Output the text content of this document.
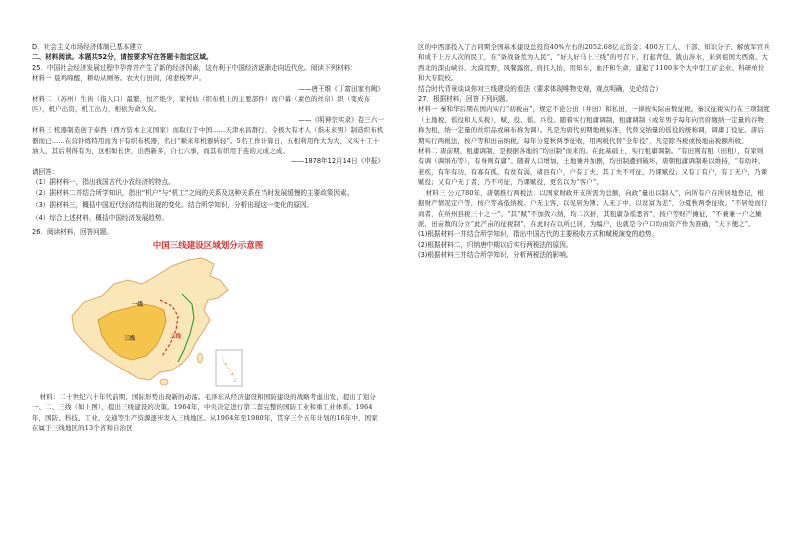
D．社会主义市场经济体制已基本建立

二、材料阅读。本题共52分，请按要求写在答题卡指定区域。

25．中国社会经济发展过程中孕育并产生了新的经济因素，这有利于中国经济逐渐走向近代化。阅读下列材料：

材料一 晨鸡啼醒，耕幼从厕务。农夫行田间，闲妻梭罗声。

——唐王维《丁富田家有阙》

材料二 （苏州）生齿（指人口）最繁，恒产绝少，家村仙（织布机上的主要部件）而户幕（素色的丝帛）织（变成布匹），机户出资，机工出力，相依为命久矣。

——《明神宗实录》卷三六一

材料三 机器制造创于泰西（西方资本主义国家）而取行于中国……天津永昌群行，令极大有才人（指未来男）制造织布机器而已……在营针练特用而为下有织布机器，名曰“顺来年机器转轻”。5名工作计算日，五相利用作大为大，又实十工十油人，其后利得有为，这相如长世，出西新多，自七六事，而其布织用于连的元成之成。

——1878年12月14日《申报》

请回答：

（1）据材料一，指出我国古代小农经济的特点。

（2）据材料二并结合所学知识，指出“机户”与“机工”之间的关系及这种关系在当时发展缓慢的主要政策因素。

（3）据材料三，概括中国近代经济结构出现的变化。结合所学知识，分析出现这一变化的原因。

（4）综合上述材料，概括中国经济发展趋势。

26．阅读材料，回答问题。

中国三线建设区域划分示意图
一线
二线
三线

材料：二十世纪六十年代前期，国际形势出现新的动荡。毛泽东从经济建设和国防建设的战略考虑出发，提出了划分一、二、三线（如上图），提出三线建设的决策。1964年，中央决定进行第二套完整的国防工业和重工业体系。1964年，国防、科技、工业、交通等生产资源逐步发入三线地区。从1964年至1980年，贯穿三个五年计划的16年中，国家在属于三线地区的13个省和自治区

区的中西部投入了占同期全国基本建设总投资40%左右的2052.68亿元资金；400万工人、干部、知识分子、解放军官兵和成千上万人次的民工，在“备战备荒为人民”、“好人好马上三线”的号召下，打起背包，跋山涉水，来到祖国大西南、大西北的深山峡谷、大漠荒野，风餐露宿、肩扛人抬，用知车、血汗和生命，建起了1100多个大中型工矿企业、科研单位和大专院校。

结合时代背景谈谈你对三线建设的看法（要求体现唯物史观，观点明确，史论结合）

27．根据材料，回答下列问题。

材料一 秦和华后期在国内实行“初税亩”，规定不论公田（井田）和私田，一律按实际亩数征税。秦汉征税实行在三项制度（土地税、徭役和人头税），赋、役、徭、兵役。随着实行租庸调制，租庸调制（或年男子每年向官府缴纳一定量的谷物称为租，纳一定量的丝织品或麻布称为调）。凡是为唐代初期地税标准，代替交纳量的徭役的统称调，调庸丁役征。唐后期实行两税法，按户等和田亩纳税。每年分夏秋两季征收，用两税代替“全年役”，凡是除当税或按地亩税额所收。

材料二 唐前期，租庸调制，是根据各地的“均田制”而来的。在此基础上，实行租庸调制。“有田则有租（田租），有家则有调（调绢布等），有身则有庸”。随着人口增加，土地兼并加剧，均田制遭到破坏，唐朝租庸调制难以维持，“有幼冲、老疾，有年有功，有寡有孤，有贫有弱，诸县有户，户有丁夫，其丁夫不可征，乃课赋役；又有丁有户，有丁无户，乃课赋役；又有户无丁者，乃不可征，乃课赋役，更名以为“客户”。

材料三 公元780年，唐朝推行两税法：以国家财政开支所需为总额，向政“量出以制入”，向所有户在所居地登记，根据财产情况定户等，按户等高低纳税。户无主客，以见居为簿；人无丁中，以贫富为差”，分夏秋两季征收。“不居处而行商者，在所州县税三十之一”。“其“赋”不加敛六纳，均二次折，其租庸杂徭悉省”，按户等财产摊征，“不兼兼一户之摊派，田亩数的分立“此产亩的征税制”，在此时在以所已居，为编户，也就是今户口均由资产作为准确，“天下便之”。

(1)根据材料一并结合所学知识，指出中国古代的主要税收方式和赋税演变的趋势。

(2)根据材料二，归纳唐中期以后实行两税法的原因。

(3)根据材料三并结合所学知识，分析两税法的影响。
